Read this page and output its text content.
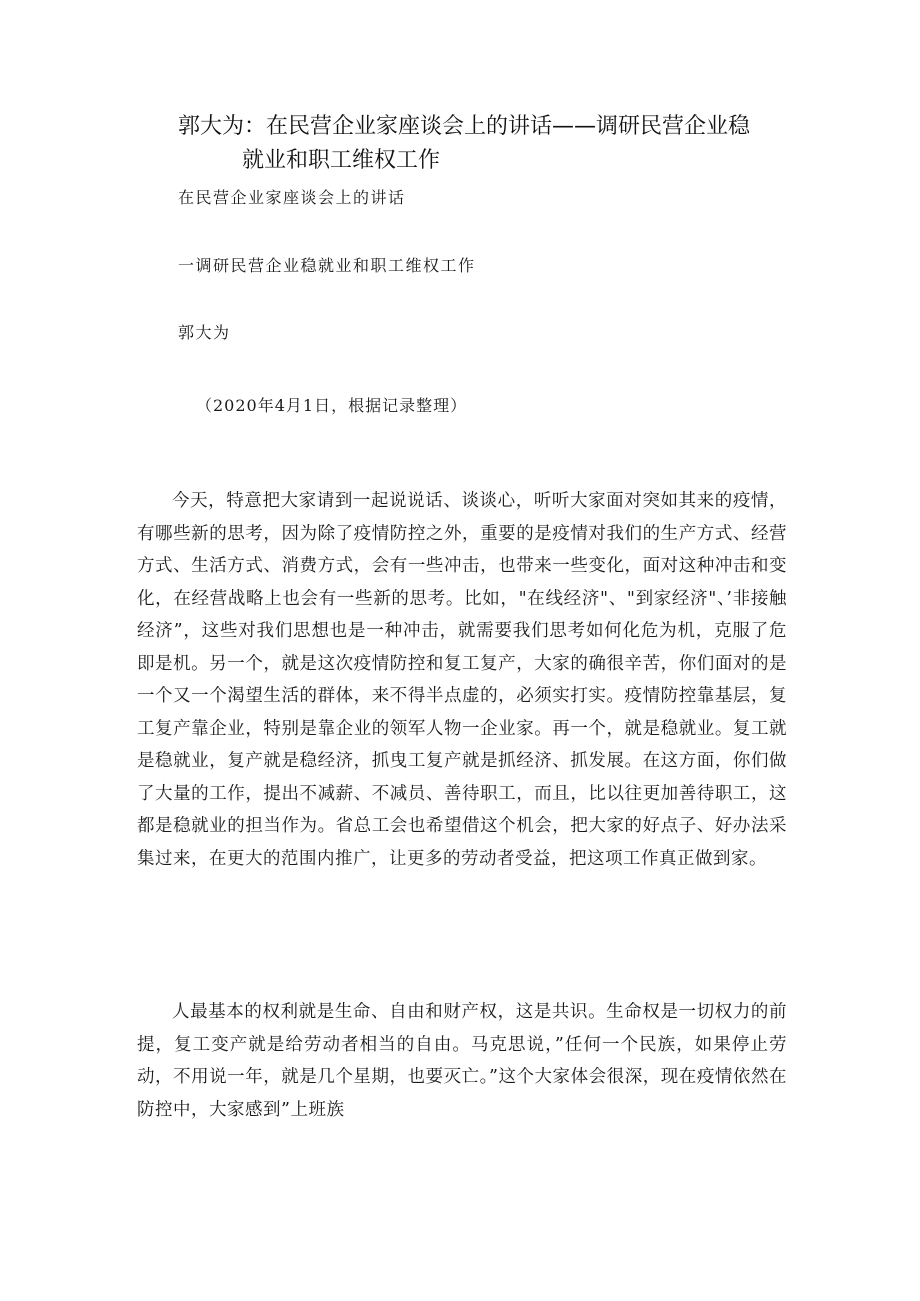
郭大为：在民营企业家座谈会上的讲话——调研民营企业稳
就业和职工维权工作

在民营企业家座谈会上的讲话

一调研民营企业稳就业和职工维权工作

郭大为

（2020年4月1日，根据记录整理）

今天，特意把大家请到一起说说话、谈谈心，听听大家面对突如其来的疫情，有哪些新的思考，因为除了疫情防控之外，重要的是疫情对我们的生产方式、经营方式、生活方式、消费方式，会有一些冲击，也带来一些变化，面对这种冲击和变化，在经营战略上也会有一些新的思考。比如，"在线经济"、"到家经济"、’非接触经济”，这些对我们思想也是一种冲击，就需要我们思考如何化危为机，克服了危即是机。另一个，就是这次疫情防控和复工复产，大家的确很辛苦，你们面对的是一个又一个渴望生活的群体，来不得半点虚的，必须实打实。疫情防控靠基层，复工复产靠企业，特别是靠企业的领军人物一企业家。再一个，就是稳就业。复工就是稳就业，复产就是稳经济，抓曳工复产就是抓经济、抓发展。在这方面，你们做了大量的工作，提出不减薪、不减员、善待职工，而且，比以往更加善待职工，这都是稳就业的担当作为。省总工会也希望借这个机会，把大家的好点子、好办法采集过来，在更大的范围内推广，让更多的劳动者受益，把这项工作真正做到家。

人最基本的权利就是生命、自由和财产权，这是共识。生命权是一切权力的前提，复工变产就是给劳动者相当的自由。马克思说，”任何一个民族，如果停止劳动，不用说一年，就是几个星期，也要灭亡。”这个大家体会很深，现在疫情依然在防控中，大家感到”上班族
